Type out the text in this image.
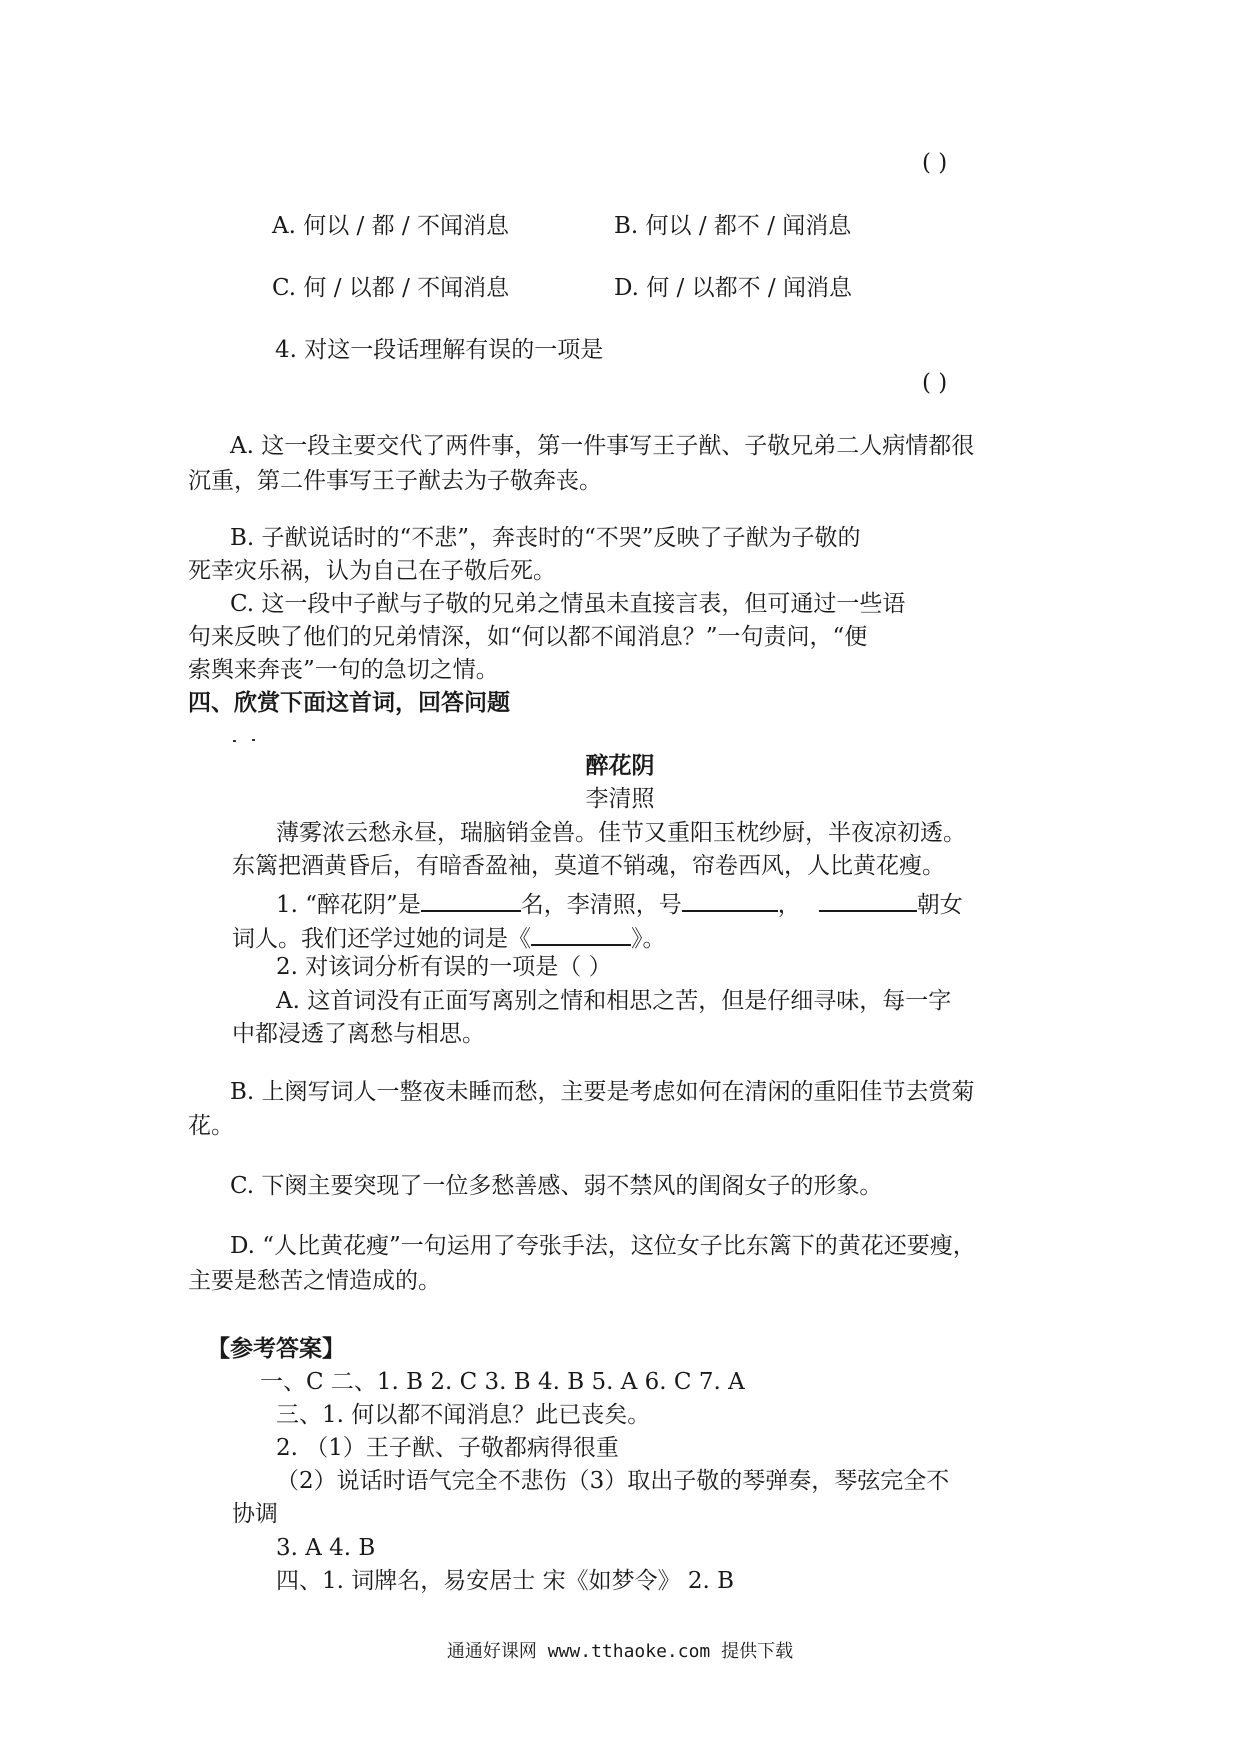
( )
A. 何以 / 都 / 不闻消息	B. 何以 / 都不 / 闻消息
C. 何 / 以都 / 不闻消息	D. 何 / 以都不 / 闻消息
4. 对这一段话理解有误的一项是
( )
A. 这一段主要交代了两件事，第一件事写王子猷、子敬兄弟二人病情都很
沉重，第二件事写王子猷去为子敬奔丧。
B. 子猷说话时的“不悲”，奔丧时的“不哭”反映了子猷为子敬的
死幸灾乐祸，认为自己在子敬后死。
C. 这一段中子猷与子敬的兄弟之情虽未直接言表，但可通过一些语
句来反映了他们的兄弟情深，如“何以都不闻消息？”一句责问，“便
索舆来奔丧”一句的急切之情。
四、欣赏下面这首词，回答问题
醉花阴
李清照
薄雾浓云愁永昼，瑞脑销金兽。佳节又重阳玉枕纱厨，半夜凉初透。
东篱把酒黄昏后，有暗香盈袖，莫道不销魂，帘卷西风，人比黄花瘦。
1. “醉花阴”是	名，李清照，号	，	朝女
词人。我们还学过她的词是《	》。
2. 对该词分析有误的一项是（ ）
A. 这首词没有正面写离别之情和相思之苦，但是仔细寻味，每一字
中都浸透了离愁与相思。
B. 上阕写词人一整夜未睡而愁，主要是考虑如何在清闲的重阳佳节去赏菊
花。
C. 下阕主要突现了一位多愁善感、弱不禁风的闺阁女子的形象。
D. “人比黄花瘦”一句运用了夸张手法，这位女子比东篱下的黄花还要瘦，
主要是愁苦之情造成的。
【参考答案】
一、C 二、1. B 2. C 3. B 4. B 5. A 6. C 7. A
三、1. 何以都不闻消息？此已丧矣。
2. （1）王子猷、子敬都病得很重
（2）说话时语气完全不悲伤（3）取出子敬的琴弹奏，琴弦完全不
协调
3. A 4. B
四、1. 词牌名，易安居士 宋《如梦令》 2. B
通通好课网 www.tthaoke.com 提供下载
